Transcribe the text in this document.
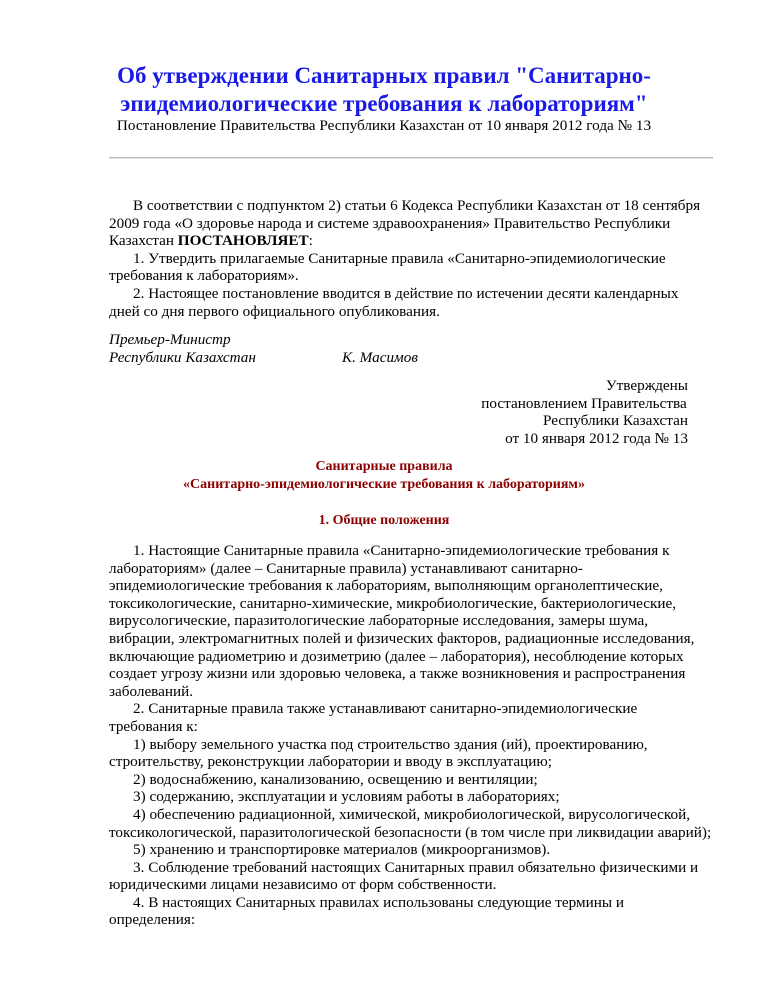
Об утверждении Санитарных правил "Санитарно-
эпидемиологические требования к лабораториям"
Постановление Правительства Республики Казахстан от 10 января 2012 года № 13

В соответствии с подпунктом 2) статьи 6 Кодекса Республики Казахстан от 18 сентября 2009 года «О здоровье народа и системе здравоохранения» Правительство Республики Казахстан ПОСТАНОВЛЯЕТ:

1. Утвердить прилагаемые Санитарные правила «Санитарно-эпидемиологические требования к лабораториям».

2. Настоящее постановление вводится в действие по истечении десяти календарных дней со дня первого официального опубликования.

Премьер-Министр
Республики Казахстан	К. Масимов
Утверждены
постановлением Правительства
Республики Казахстан
от 10 января 2012 года № 13
Санитарные правила
«Санитарно-эпидемиологические требования к лабораториям»
1. Общие положения

1. Настоящие Санитарные правила «Санитарно-эпидемиологические требования к лабораториям» (далее – Санитарные правила) устанавливают санитарно-эпидемиологические требования к лабораториям, выполняющим органолептические, токсикологические, санитарно-химические, микробиологические, бактериологические, вирусологические, паразитологические лабораторные исследования, замеры шума, вибрации, электромагнитных полей и физических факторов, радиационные исследования, включающие радиометрию и дозиметрию (далее – лаборатория), несоблюдение которых создает угрозу жизни или здоровью человека, а также возникновения и распространения заболеваний.

2. Санитарные правила также устанавливают санитарно-эпидемиологические требования к:

1) выбору земельного участка под строительство здания (ий), проектированию, строительству, реконструкции лаборатории и вводу в эксплуатацию;

2) водоснабжению, канализованию, освещению и вентиляции;

3) содержанию, эксплуатации и условиям работы в лабораториях;

4) обеспечению радиационной, химической, микробиологической, вирусологической, токсикологической, паразитологической безопасности (в том числе при ликвидации аварий);

5) хранению и транспортировке материалов (микроорганизмов).

3. Соблюдение требований настоящих Санитарных правил обязательно физическими и юридическими лицами независимо от форм собственности.

4. В настоящих Санитарных правилах использованы следующие термины и определения:
